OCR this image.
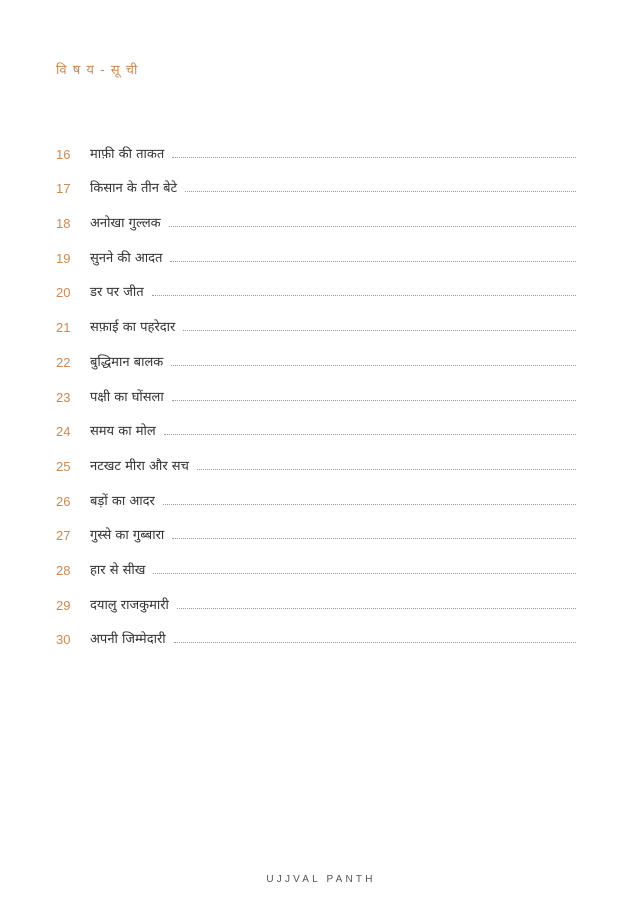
वि ष य - सू ची
16	माफ़ी की ताकत
17	किसान के तीन बेटे
18	अनोखा गुल्लक
19	सुनने की आदत
20	डर पर जीत
21	सफ़ाई का पहरेदार
22	बुद्धिमान बालक
23	पक्षी का घोंसला
24	समय का मोल
25	नटखट मीरा और सच
26	बड़ों का आदर
27	गुस्से का गुब्बारा
28	हार से सीख
29	दयालु राजकुमारी
30	अपनी जिम्मेदारी
UJJVAL PANTH
